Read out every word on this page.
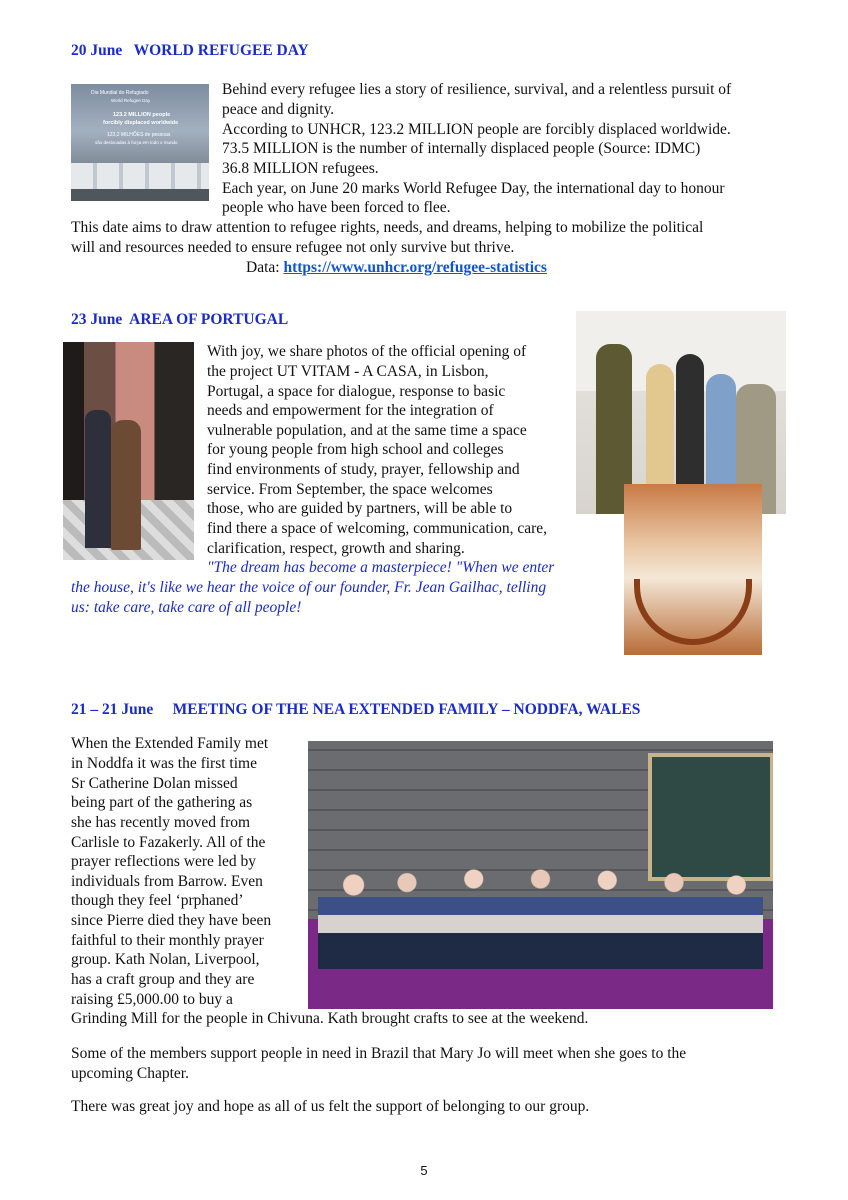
20 June   WORLD REFUGEE DAY
Dia Mundial do Refugiado
World Refugee Day
123.2 MILLION people
forcibly displaced worldwide
123,2 MILHÕES de pessoas
são deslocadas à força em todo o mundo
Behind every refugee lies a story of resilience, survival, and a relentless pursuit of
peace and dignity.
According to UNHCR, 123.2 MILLION people are forcibly displaced worldwide.
73.5 MILLION is the number of internally displaced people (Source: IDMC)
36.8 MILLION refugees.
Each year, on June 20 marks World Refugee Day, the international day to honour
people who have been forced to flee.
This date aims to draw attention to refugee rights, needs, and dreams, helping to mobilize the political
will and resources needed to ensure refugee not only survive but thrive.
Data: https://www.unhcr.org/refugee-statistics
23 June  AREA OF PORTUGAL
With joy, we share photos of the official opening of
the project UT VITAM - A CASA, in Lisbon,
Portugal, a space for dialogue, response to basic
needs and empowerment for the integration of
vulnerable population, and at the same time a space
for young people from high school and colleges
find environments of study, prayer, fellowship and
service. From September, the space welcomes
those, who are guided by partners, will be able to
find there a space of welcoming, communication, care,
clarification, respect, growth and sharing.
"The dream has become a masterpiece! "When we enter
the house, it's like we hear the voice of our founder, Fr. Jean Gailhac, telling
us: take care, take care of all people!
21 – 21 June     MEETING OF THE NEA EXTENDED FAMILY – NODDFA, WALES
When the Extended Family met
in Noddfa it was the first time
Sr Catherine Dolan missed
being part of the gathering as
she has recently moved from
Carlisle to Fazakerly. All of the
prayer reflections were led by
individuals from Barrow. Even
though they feel ‘prphaned’
since Pierre died they have been
faithful to their monthly prayer
group. Kath Nolan, Liverpool,
has a craft group and they are
raising £5,000.00 to buy a
Grinding Mill for the people in Chivuna. Kath brought crafts to see at the weekend.
Some of the members support people in need in Brazil that Mary Jo will meet when she goes to the
upcoming Chapter.
There was great joy and hope as all of us felt the support of belonging to our group.
5
